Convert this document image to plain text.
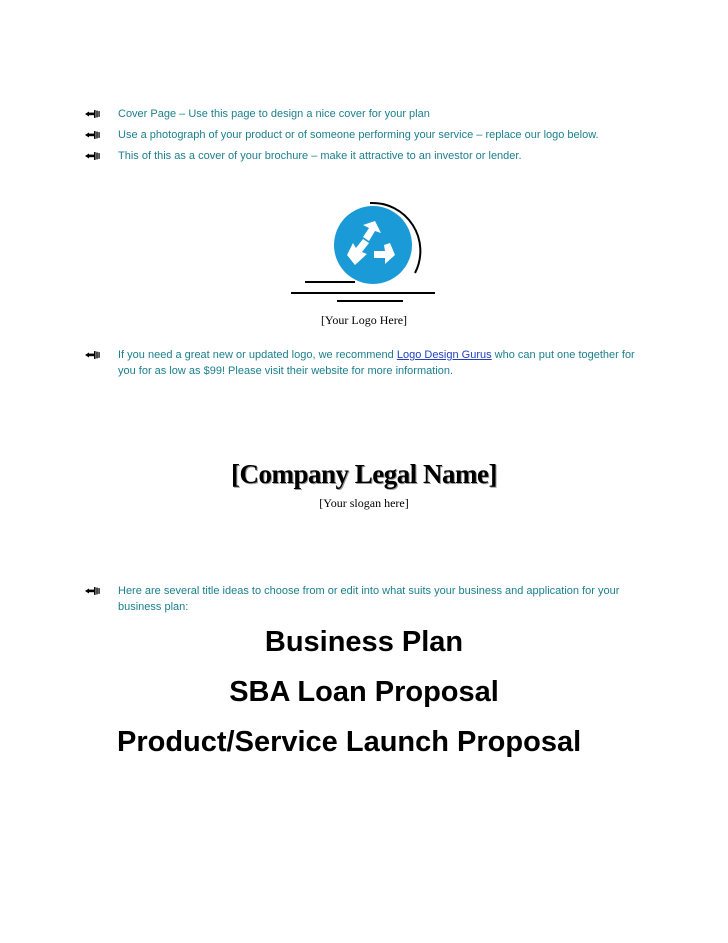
Cover Page – Use this page to design a nice cover for your plan
Use a photograph of your product or of someone performing your service – replace our logo below.
This of this as a cover of your brochure – make it attractive to an investor or lender.
[Your Logo Here]
If you need a great new or updated logo, we recommend Logo Design Gurus who can put one together for you for as low as $99! Please visit their website for more information.
[Company Legal Name]
[Your slogan here]
Here are several title ideas to choose from or edit into what suits your business and application for your business plan:
Business Plan
SBA Loan Proposal
Product/Service Launch Proposal
